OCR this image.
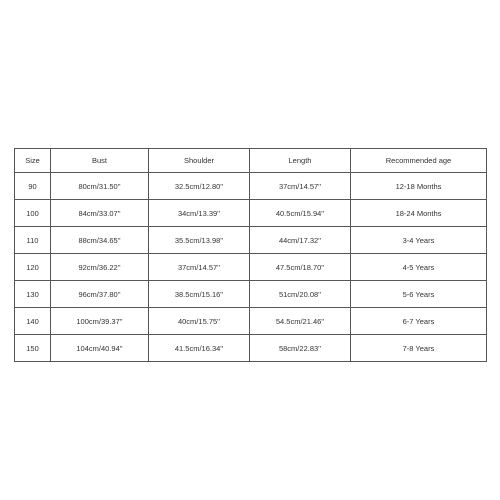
Size	Bust	Shoulder	Length	Recommended age
90	80cm/31.50''	32.5cm/12.80''	37cm/14.57''	12-18 Months
100	84cm/33.07''	34cm/13.39''	40.5cm/15.94''	18-24 Months
110	88cm/34.65''	35.5cm/13.98''	44cm/17.32''	3-4 Years
120	92cm/36.22''	37cm/14.57''	47.5cm/18.70''	4-5 Years
130	96cm/37.80''	38.5cm/15.16''	51cm/20.08''	5-6 Years
140	100cm/39.37''	40cm/15.75''	54.5cm/21.46''	6-7 Years
150	104cm/40.94''	41.5cm/16.34''	58cm/22.83''	7-8 Years
